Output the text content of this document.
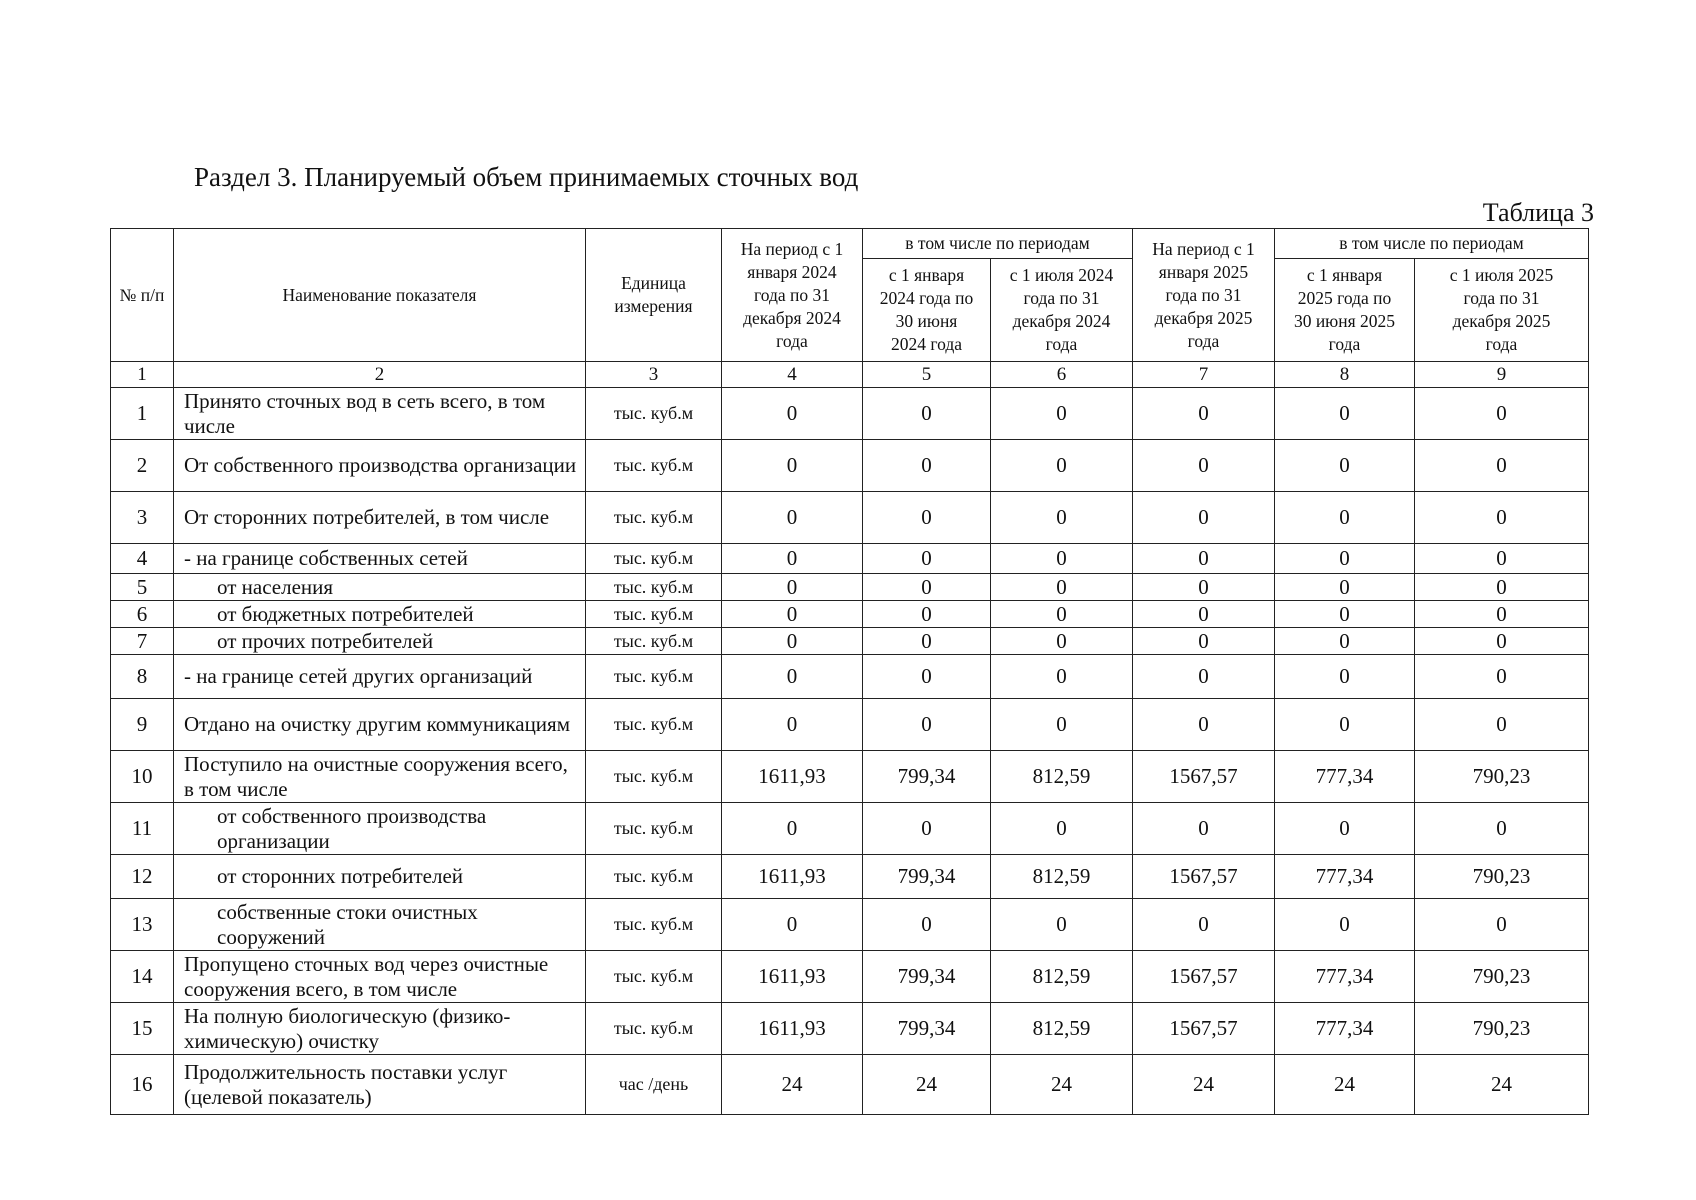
Раздел 3. Планируемый объем принимаемых сточных вод
Таблица 3
№ п/п	Наименование показателя	Единица измерения	На период с 1 января 2024 года по 31 декабря 2024 года	в том числе по периодам		На период с 1 января 2025 года по 31 декабря 2025 года	в том числе по периодам	
				с 1 января 2024 года по 30 июня 2024 года	с 1 июля 2024 года по 31 декабря 2024 года		с 1 января 2025 года по 30 июня 2025 года	с 1 июля 2025 года по 31 декабря 2025 года
1	2	3	4	5	6	7	8	9
1	Принято сточных вод в сеть всего, в том числе	тыс. куб.м	0	0	0	0	0	0
2	От собственного производства организации	тыс. куб.м	0	0	0	0	0	0
3	От сторонних потребителей, в том числе	тыс. куб.м	0	0	0	0	0	0
4	- на границе собственных сетей	тыс. куб.м	0	0	0	0	0	0
5	от населения	тыс. куб.м	0	0	0	0	0	0
6	от бюджетных потребителей	тыс. куб.м	0	0	0	0	0	0
7	от прочих потребителей	тыс. куб.м	0	0	0	0	0	0
8	- на границе сетей других организаций	тыс. куб.м	0	0	0	0	0	0
9	Отдано на очистку другим коммуникациям	тыс. куб.м	0	0	0	0	0	0
10	Поступило на очистные сооружения всего, в том числе	тыс. куб.м	1611,93	799,34	812,59	1567,57	777,34	790,23
11	от собственного производства организации	тыс. куб.м	0	0	0	0	0	0
12	от сторонних потребителей	тыс. куб.м	1611,93	799,34	812,59	1567,57	777,34	790,23
13	собственные стоки очистных сооружений	тыс. куб.м	0	0	0	0	0	0
14	Пропущено сточных вод через очистные сооружения всего, в том числе	тыс. куб.м	1611,93	799,34	812,59	1567,57	777,34	790,23
15	На полную биологическую (физико-химическую) очистку	тыс. куб.м	1611,93	799,34	812,59	1567,57	777,34	790,23
16	Продолжительность поставки услуг (целевой показатель)	час /день	24	24	24	24	24	24
